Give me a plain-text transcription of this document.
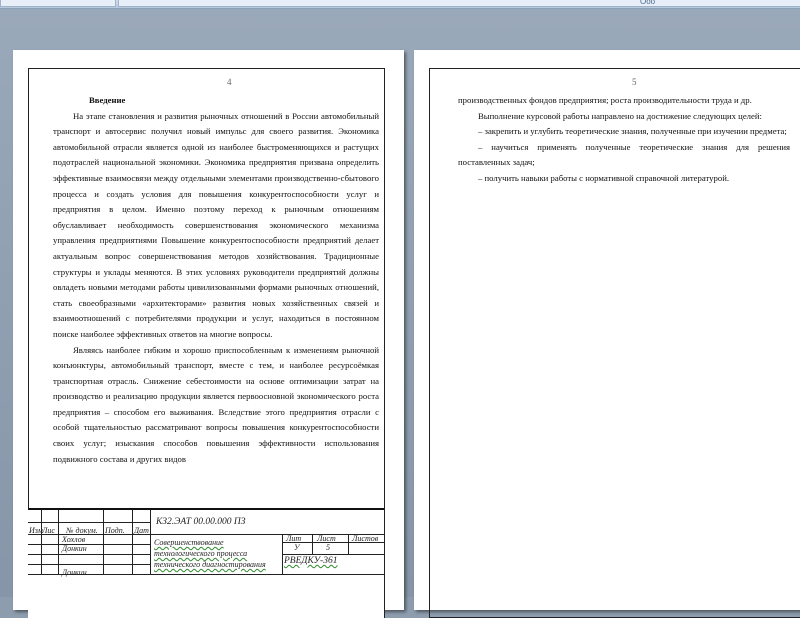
Ооо
4
Введение

На этапе становления и развития рыночных отношений в России автомобильный транспорт и автосервис получил новый импульс для своего развития. Экономика автомобильной отрасли является одной из наиболее быстроменяющихся и растущих подотраслей национальной экономики. Экономика предприятия призвана определить эффективные взаимосвязи между отдельными элементами производственно-сбытового процесса и создать условия для повышения конкурентоспособности услуг и предприятия в целом. Именно поэтому переход к рыночным отношениям обуславливает необходимость совершенствования экономического механизма управления предприятиями Повышение конкурентоспособности предприятий делает актуальным вопрос совершенствования методов хозяйствования. Традиционные структуры и уклады меняются. В этих условиях руководители предприятий должны овладеть новыми методами работы цивилизованными формами рыночных отношений, стать своеобразными «архитекторами» развития новых хозяйственных связей и взаимоотношений с потребителями продукции и услуг, находиться в постоянном поиске наиболее эффективных ответов на многие вопросы.

Являясь наиболее гибким и хорошо приспособленным к изменениям рыночной конъюнктуры, автомобильный транспорт, вместе с тем, и наиболее ресурсоёмкая транспортная отрасль. Снижение себестоимости на основе оптимизации затрат на производство и реализацию продукции является первоосновной экономического роста предприятия – способом его выживания. Вследствие этого предприятия отрасли с особой тщательностью рассматривают вопросы повышения конкурентоспособности своих услуг; изыскания способов повышения эффективности использования подвижного состава и других видов

КЗ2.ЭАТ 00.00.000 ПЗ
Изм Лис № докум. Подп. Дат
Хохлов
Донкин
Донкин
Совершенствование
технологического процесса
технического диагностирования
Лит
У
Лист
5
Листов
РВЕДКУ-361
5

производственных фондов предприятия; роста производительности труда и др.

Выполнение курсовой работы направлено на достижение следующих целей:

– закрепить и углубить теоретические знания, полученные при изучении предмета;

– научиться применять полученные теоретические знания для решения поставленных задач;

– получить навыки работы с нормативной справочной литературой.
